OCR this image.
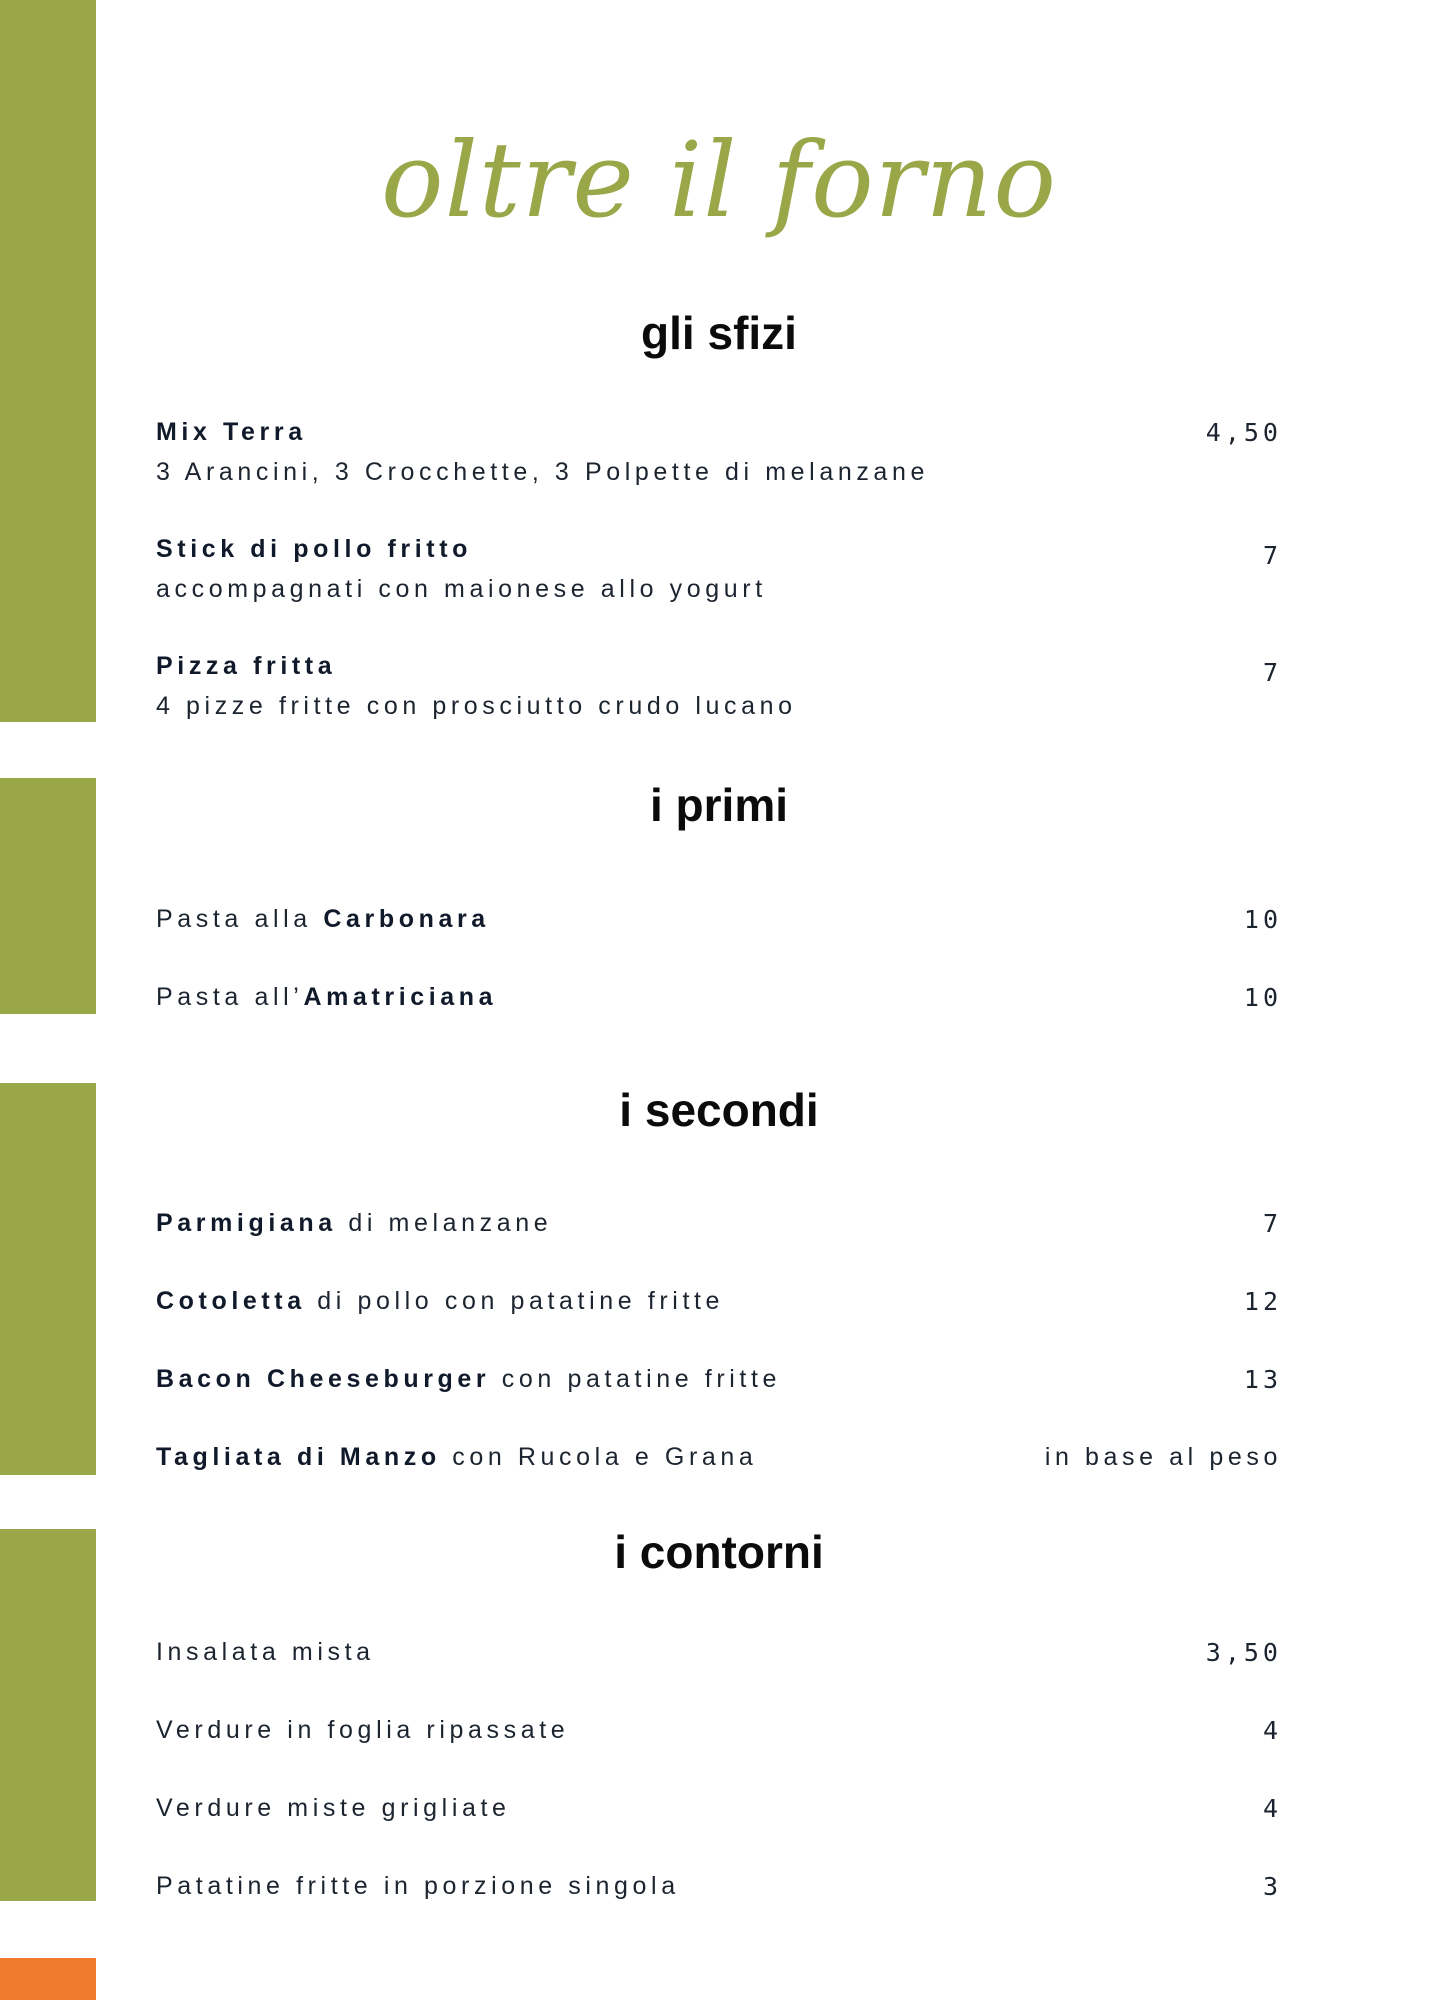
oltre il forno
gli sfizi
Mix Terra
3 Arancini, 3 Crocchette, 3 Polpette di melanzane
4,50
Stick di pollo fritto
accompagnati con maionese allo yogurt
7
Pizza fritta
4 pizze fritte con prosciutto crudo lucano
7
i primi
Pasta alla Carbonara	10
Pasta all’Amatriciana	10
i secondi
Parmigiana di melanzane	7
Cotoletta di pollo con patatine fritte	12
Bacon Cheeseburger con patatine fritte	13
Tagliata di Manzo con Rucola e Grana	in base al peso
i contorni
Insalata mista	3,50
Verdure in foglia ripassate	4
Verdure miste grigliate	4
Patatine fritte in porzione singola	3
